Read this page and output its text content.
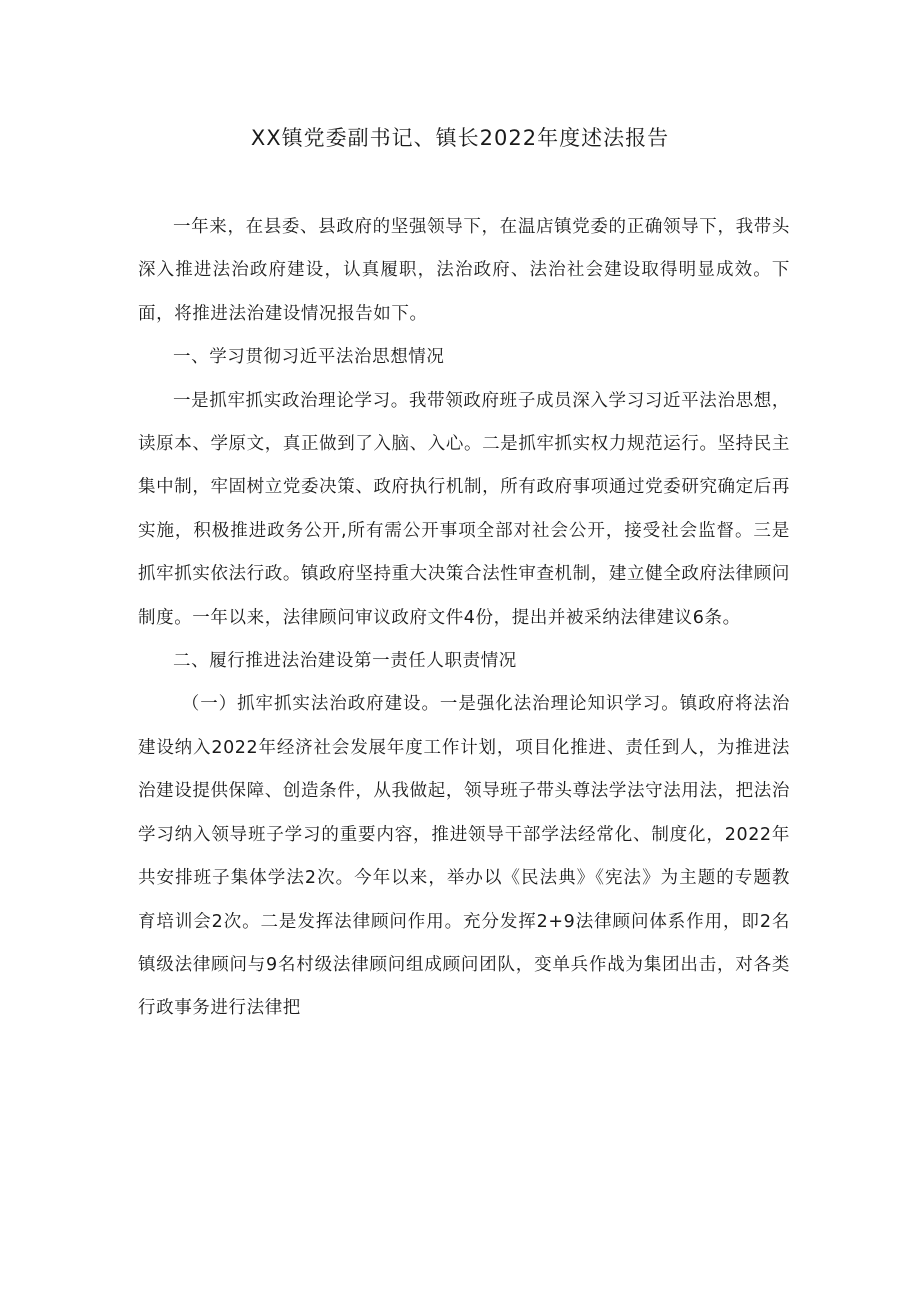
XX镇党委副书记、镇长2022年度述法报告

一年来，在县委、县政府的坚强领导下，在温店镇党委的正确领导下，我带头深入推进法治政府建设，认真履职，法治政府、法治社会建设取得明显成效。下面，将推进法治建设情况报告如下。

一、学习贯彻习近平法治思想情况

一是抓牢抓实政治理论学习。我带领政府班子成员深入学习习近平法治思想，读原本、学原文，真正做到了入脑、入心。二是抓牢抓实权力规范运行。坚持民主集中制，牢固树立党委决策、政府执行机制，所有政府事项通过党委研究确定后再实施，积极推进政务公开,所有需公开事项全部对社会公开，接受社会监督。三是抓牢抓实依法行政。镇政府坚持重大决策合法性审查机制，建立健全政府法律顾问制度。一年以来，法律顾问审议政府文件4份，提出并被采纳法律建议6条。

二、履行推进法治建设第一责任人职责情况

（一）抓牢抓实法治政府建设。一是强化法治理论知识学习。镇政府将法治建设纳入2022年经济社会发展年度工作计划，项目化推进、责任到人，为推进法治建设提供保障、创造条件，从我做起，领导班子带头尊法学法守法用法，把法治学习纳入领导班子学习的重要内容，推进领导干部学法经常化、制度化，2022年共安排班子集体学法2次。今年以来，举办以《民法典》《宪法》为主题的专题教育培训会2次。二是发挥法律顾问作用。充分发挥2+9法律顾问体系作用，即2名镇级法律顾问与9名村级法律顾问组成顾问团队，变单兵作战为集团出击，对各类行政事务进行法律把
